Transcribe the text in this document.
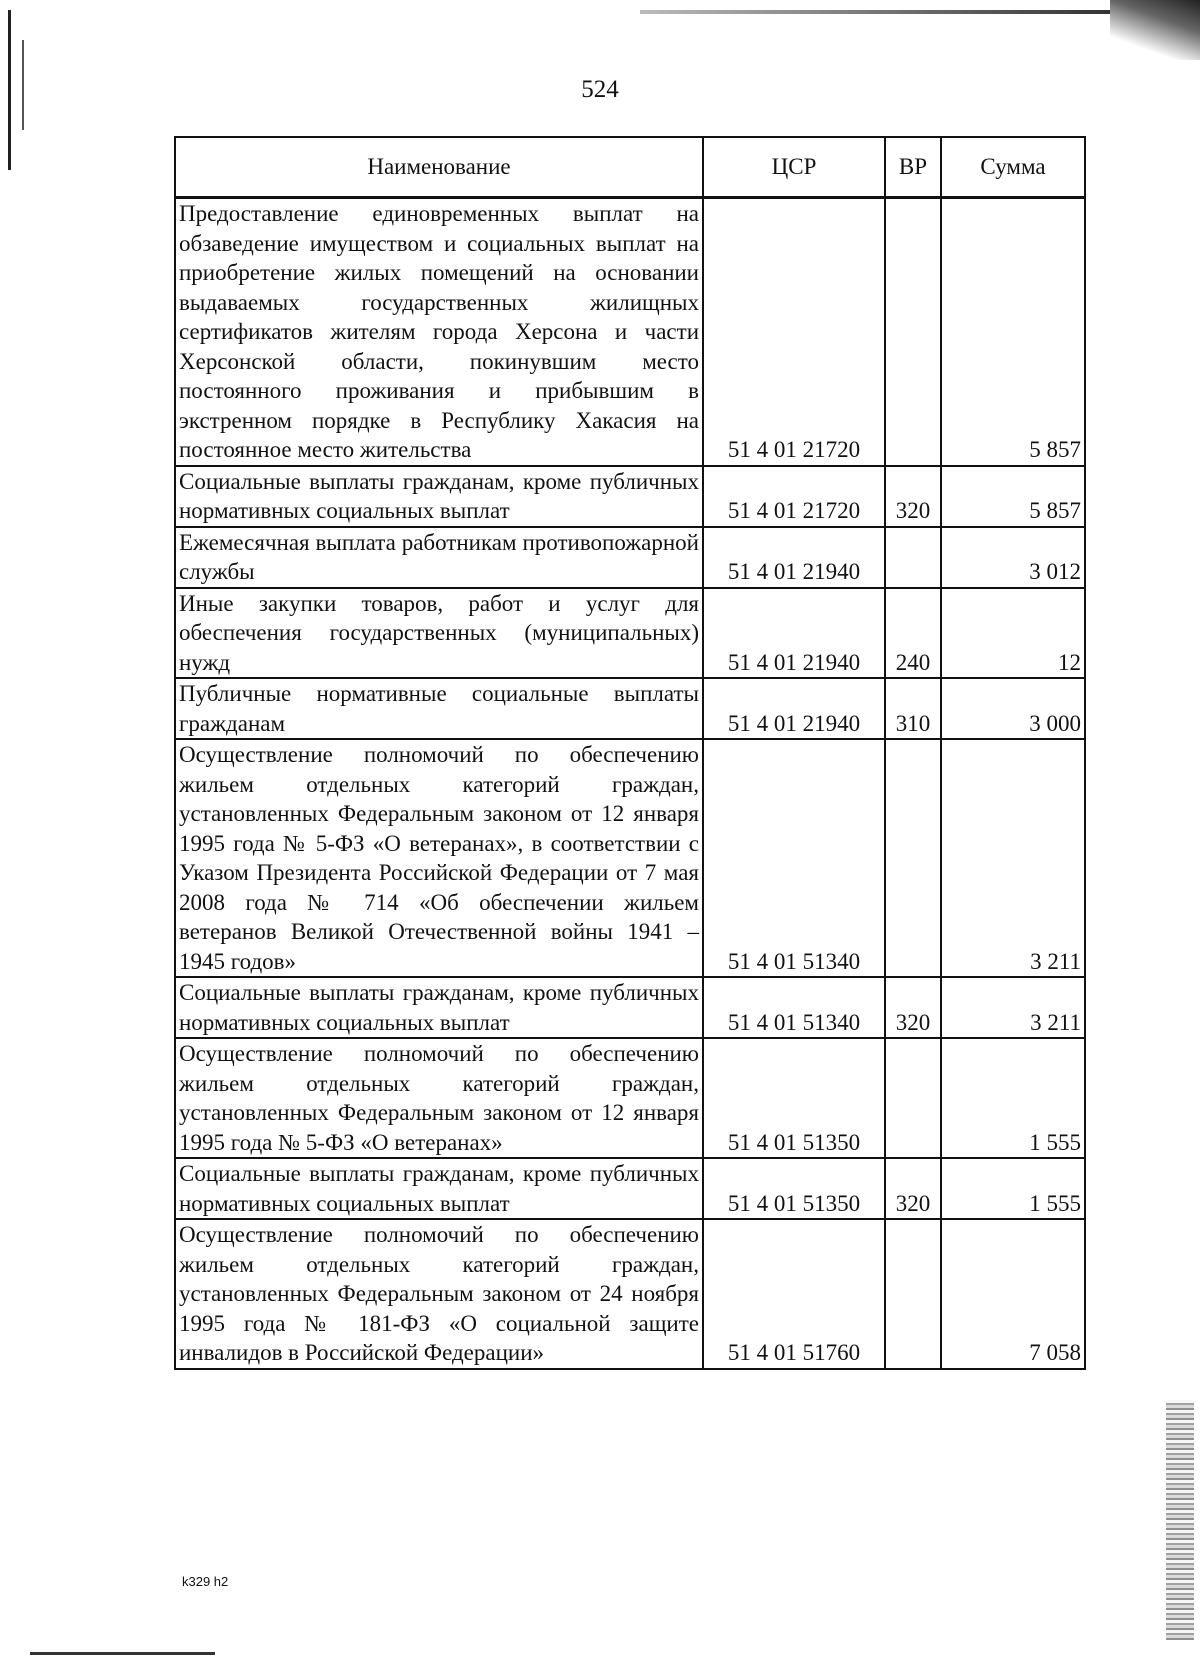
524
Наименование	ЦСР	ВР	Сумма
Предоставление единовременных выплат на обзаведение имуществом и социальных выплат на приобретение жилых помещений на основании выдаваемых государственных жилищных сертификатов жителям города Херсона и части Херсонской области, покинувшим место постоянного проживания и прибывшим в экстренном порядке в Республику Хакасия на постоянное место жительства	51 4 01 21720		5 857
Социальные выплаты гражданам, кроме публичных нормативных социальных выплат	51 4 01 21720	320	5 857
Ежемесячная выплата работникам противопожарной службы	51 4 01 21940		3 012
Иные закупки товаров, работ и услуг для обеспечения государственных (муниципальных) нужд	51 4 01 21940	240	12
Публичные нормативные социальные выплаты гражданам	51 4 01 21940	310	3 000
Осуществление полномочий по обеспечению жильем отдельных категорий граждан, установленных Федеральным законом от 12 января 1995 года № 5-ФЗ «О ветеранах», в соответствии с Указом Президента Российской Федерации от 7 мая 2008 года № 714 «Об обеспечении жильем ветеранов Великой Отечественной войны 1941 – 1945 годов»	51 4 01 51340		3 211
Социальные выплаты гражданам, кроме публичных нормативных социальных выплат	51 4 01 51340	320	3 211
Осуществление полномочий по обеспечению жильем отдельных категорий граждан, установленных Федеральным законом от 12 января 1995 года № 5-ФЗ «О ветеранах»	51 4 01 51350		1 555
Социальные выплаты гражданам, кроме публичных нормативных социальных выплат	51 4 01 51350	320	1 555
Осуществление полномочий по обеспечению жильем отдельных категорий граждан, установленных Федеральным законом от 24 ноября 1995 года № 181-ФЗ «О социальной защите инвалидов в Российской Федерации»	51 4 01 51760		7 058
k329 h2
